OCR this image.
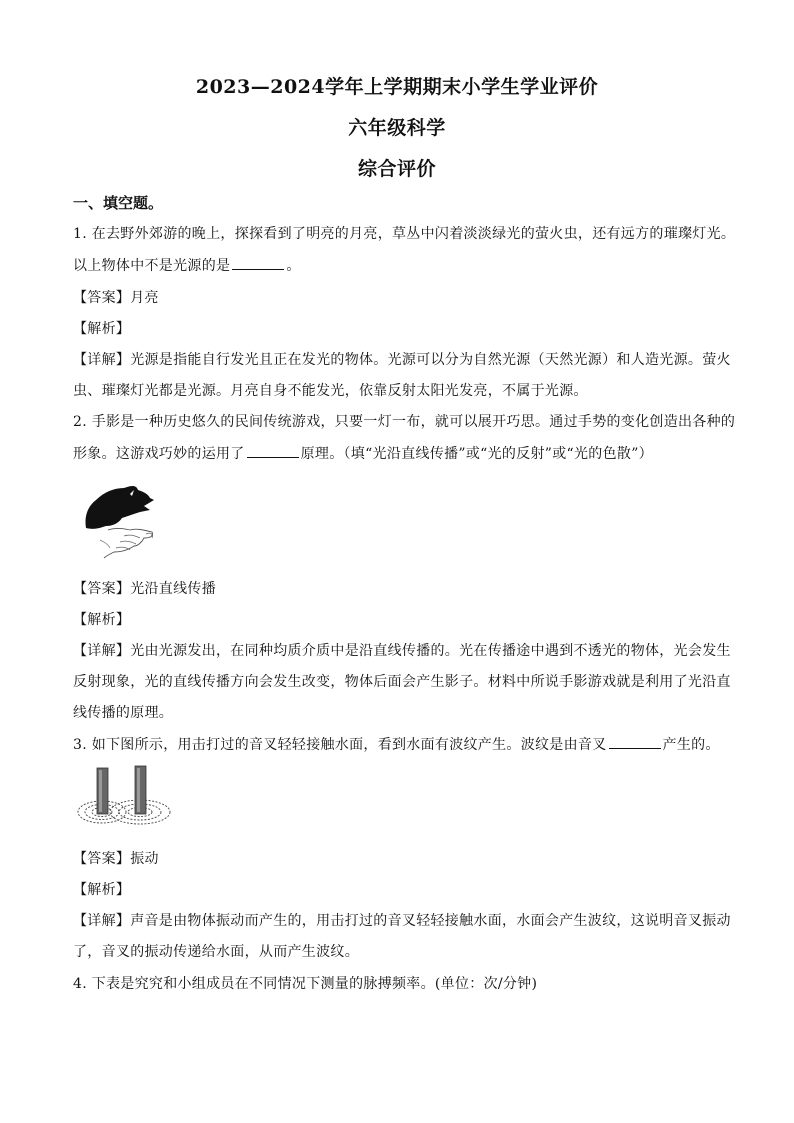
2023—2024学年上学期期末小学生学业评价
六年级科学
综合评价
一、填空题。
1. 在去野外郊游的晚上，探探看到了明亮的月亮，草丛中闪着淡淡绿光的萤火虫，还有远方的璀璨灯光。
以上物体中不是光源的是	。
【答案】月亮
【解析】
【详解】光源是指能自行发光且正在发光的物体。光源可以分为自然光源（天然光源）和人造光源。萤火
虫、璀璨灯光都是光源。月亮自身不能发光，依靠反射太阳光发亮，不属于光源。
2. 手影是一种历史悠久的民间传统游戏，只要一灯一布，就可以展开巧思。通过手势的变化创造出各种的
形象。这游戏巧妙的运用了	原理。（填“光沿直线传播”或“光的反射”或“光的色散”）
【答案】光沿直线传播
【解析】
【详解】光由光源发出，在同种均质介质中是沿直线传播的。光在传播途中遇到不透光的物体，光会发生
反射现象，光的直线传播方向会发生改变，物体后面会产生影子。材料中所说手影游戏就是利用了光沿直
线传播的原理。
3. 如下图所示，用击打过的音叉轻轻接触水面，看到水面有波纹产生。波纹是由音叉	产生的。
【答案】振动
【解析】
【详解】声音是由物体振动而产生的，用击打过的音叉轻轻接触水面，水面会产生波纹，这说明音叉振动
了，音叉的振动传递给水面，从而产生波纹。
4. 下表是究究和小组成员在不同情况下测量的脉搏频率。(单位：次/分钟)
